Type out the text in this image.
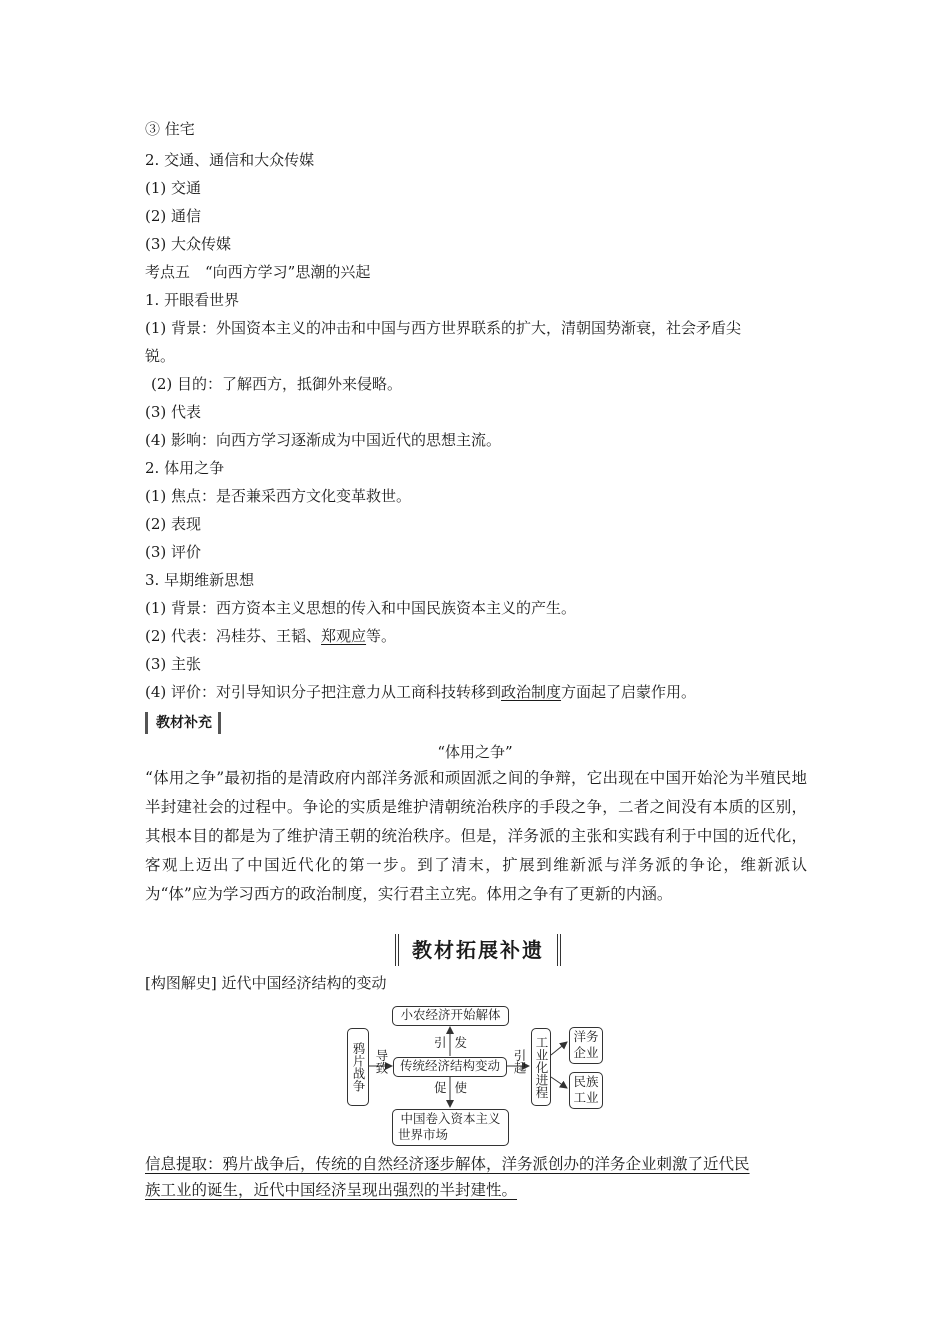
③ 住宅
2. 交通、通信和大众传媒
(1) 交通
(2) 通信
(3) 大众传媒
考点五　“向西方学习”思潮的兴起
1. 开眼看世界
(1) 背景：外国资本主义的冲击和中国与西方世界联系的扩大，清朝国势渐衰，社会矛盾尖
锐。
(2) 目的：了解西方，抵御外来侵略。
(3) 代表
(4) 影响：向西方学习逐渐成为中国近代的思想主流。
2. 体用之争
(1) 焦点：是否兼采西方文化变革救世。
(2) 表现
(3) 评价
3. 早期维新思想
(1) 背景：西方资本主义思想的传入和中国民族资本主义的产生。
(2) 代表：冯桂芬、王韬、郑观应等。
(3) 主张
(4) 评价：对引导知识分子把注意力从工商科技转移到政治制度方面起了启蒙作用。
教材补充
“体用之争”
“体用之争”最初指的是清政府内部洋务派和顽固派之间的争辩，它出现在中国开始沦为半殖民地半封建社会的过程中。争论的实质是维护清朝统治秩序的手段之争，二者之间没有本质的区别，其根本目的都是为了维护清王朝的统治秩序。但是，洋务派的主张和实践有利于中国的近代化，客观上迈出了中国近代化的第一步。到了清末，扩展到维新派与洋务派的争论，维新派认为“体”应为学习西方的政治制度，实行君主立宪。体用之争有了更新的内涵。
教材拓展补遗
[构图解史] 近代中国经济结构的变动
鸦片战争 导致
小农经济开始解体
引 发
传统经济结构变动
促 使
中国卷入资本主义
世界市场
引起 工业化进程 洋务企业
民族工业
信息提取：鸦片战争后，传统的自然经济逐步解体，洋务派创办的洋务企业刺激了近代民
族工业的诞生，近代中国经济呈现出强烈的半封建性。
